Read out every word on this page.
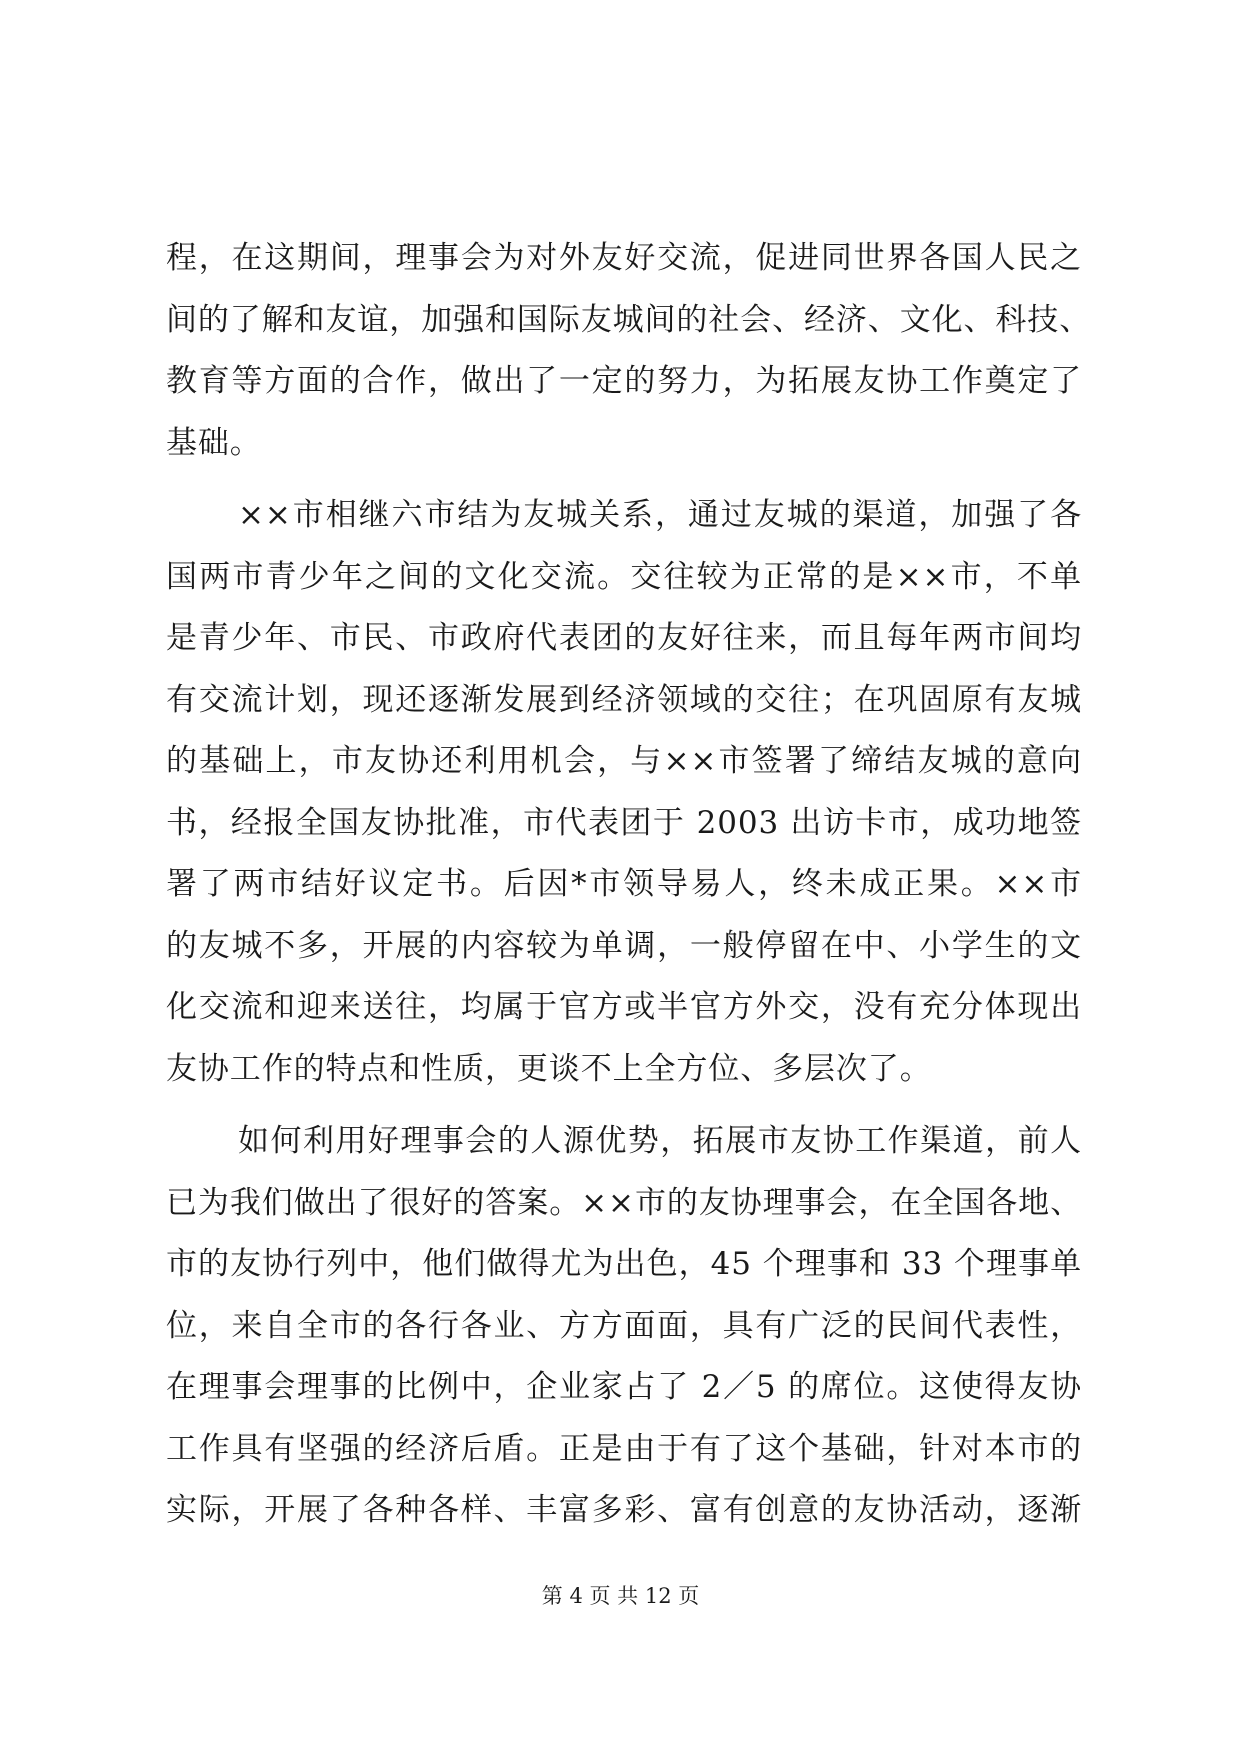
程，在这期间，理事会为对外友好交流，促进同世界各国人民之
间的了解和友谊，加强和国际友城间的社会、经济、文化、科技、
教育等方面的合作，做出了一定的努力，为拓展友协工作奠定了
基础。
××市相继六市结为友城关系，通过友城的渠道，加强了各
国两市青少年之间的文化交流。交往较为正常的是××市，不单
是青少年、市民、市政府代表团的友好往来，而且每年两市间均
有交流计划，现还逐渐发展到经济领域的交往；在巩固原有友城
的基础上，市友协还利用机会，与××市签署了缔结友城的意向
书，经报全国友协批准，市代表团于 2003 出访卡市，成功地签
署了两市结好议定书。后因*市领导易人，终未成正果。××市
的友城不多，开展的内容较为单调，一般停留在中、小学生的文
化交流和迎来送往，均属于官方或半官方外交，没有充分体现出
友协工作的特点和性质，更谈不上全方位、多层次了。
如何利用好理事会的人源优势，拓展市友协工作渠道，前人
已为我们做出了很好的答案。××市的友协理事会，在全国各地、
市的友协行列中，他们做得尤为出色，45 个理事和 33 个理事单
位，来自全市的各行各业、方方面面，具有广泛的民间代表性，
在理事会理事的比例中，企业家占了 2／5 的席位。这使得友协
工作具有坚强的经济后盾。正是由于有了这个基础，针对本市的
实际，开展了各种各样、丰富多彩、富有创意的友协活动，逐渐
第 4 页 共 12 页
